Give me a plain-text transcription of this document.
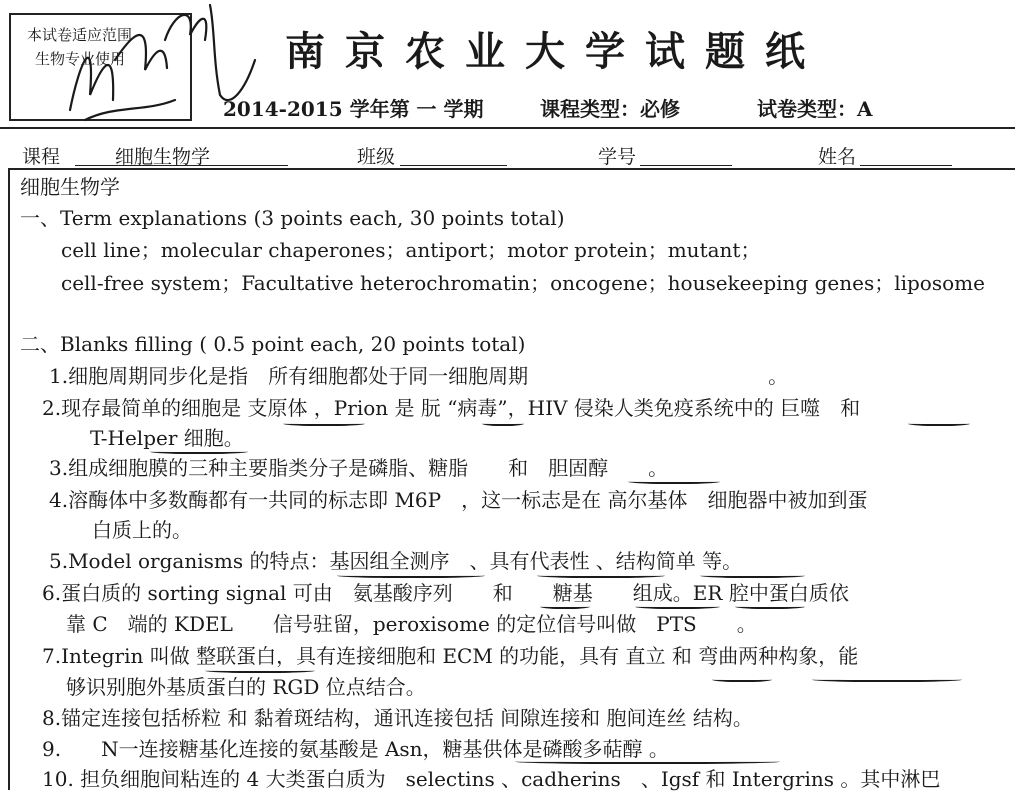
本试卷适应范围
生物专业使用	南京农业大学试题纸
2014-2015 学年第 一 学期	课程类型：必修	试卷类型：A
课程	细胞生物学	班级	学号	姓名
细胞生物学
一、Term explanations (3 points each, 30 points total)
cell line；molecular chaperones；antiport；motor protein；mutant；
cell-free system；Facultative heterochromatin；oncogene；housekeeping genes；liposome
二、Blanks filling ( 0.5 point each, 20 points total)
1.细胞周期同步化是指　所有细胞都处于同一细胞周期　　　　　　　　　　　　。
2.现存最简单的细胞是 支原体 ，Prion 是 朊 “病毒”，HIV 侵染人类免疫系统中的 巨噬　和
T-Helper 细胞。
3.组成细胞膜的三种主要脂类分子是磷脂、糖脂　　和　胆固醇　　。
4.溶酶体中多数酶都有一共同的标志即 M6P　，这一标志是在 高尔基体　细胞器中被加到蛋
白质上的。
5.Model organisms 的特点：基因组全测序　、具有代表性 、结构简单 等。
6.蛋白质的 sorting signal 可由　氨基酸序列　　和　　糖基　　组成。ER 腔中蛋白质依
靠 C　端的 KDEL　　信号驻留，peroxisome 的定位信号叫做　PTS　　。
7.Integrin 叫做 整联蛋白，具有连接细胞和 ECM 的功能，具有 直立 和 弯曲两种构象，能
够识别胞外基质蛋白的 RGD 位点结合。
8.锚定连接包括桥粒 和 黏着斑结构，通讯连接包括 间隙连接和 胞间连丝 结构。
9.　　N一连接糖基化连接的氨基酸是 Asn，糖基供体是磷酸多萜醇 。
10. 担负细胞间粘连的 4 大类蛋白质为　selectins 、cadherins　、Igsf 和 Intergrins 。其中淋巴
